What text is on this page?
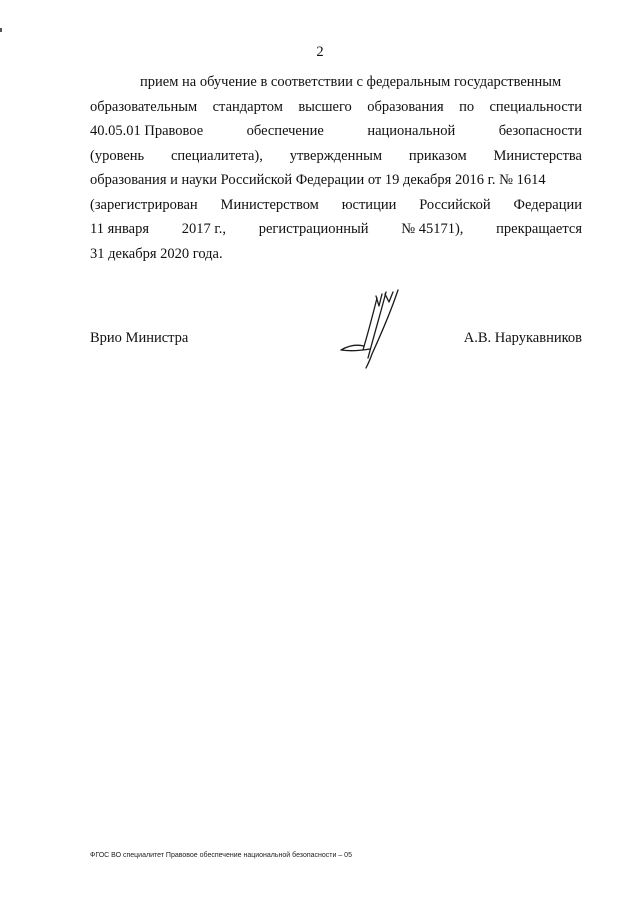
2
прием на обучение в соответствии с федеральным государственным
образовательным стандартом высшего образования по специальности
40.05.01 Правовое	обеспечение	национальной	безопасности
(уровень специалитета), утвержденным приказом Министерства
образования и науки Российской Федерации от 19 декабря 2016 г. № 1614
(зарегистрирован Министерством юстиции Российской Федерации
11 января 2017 г., регистрационный № 45171), прекращается
31 декабря 2020 года.
Врио Министра	А.В. Нарукавников
ФГОС ВО специалитет Правовое обеспечение национальной безопасности – 05
